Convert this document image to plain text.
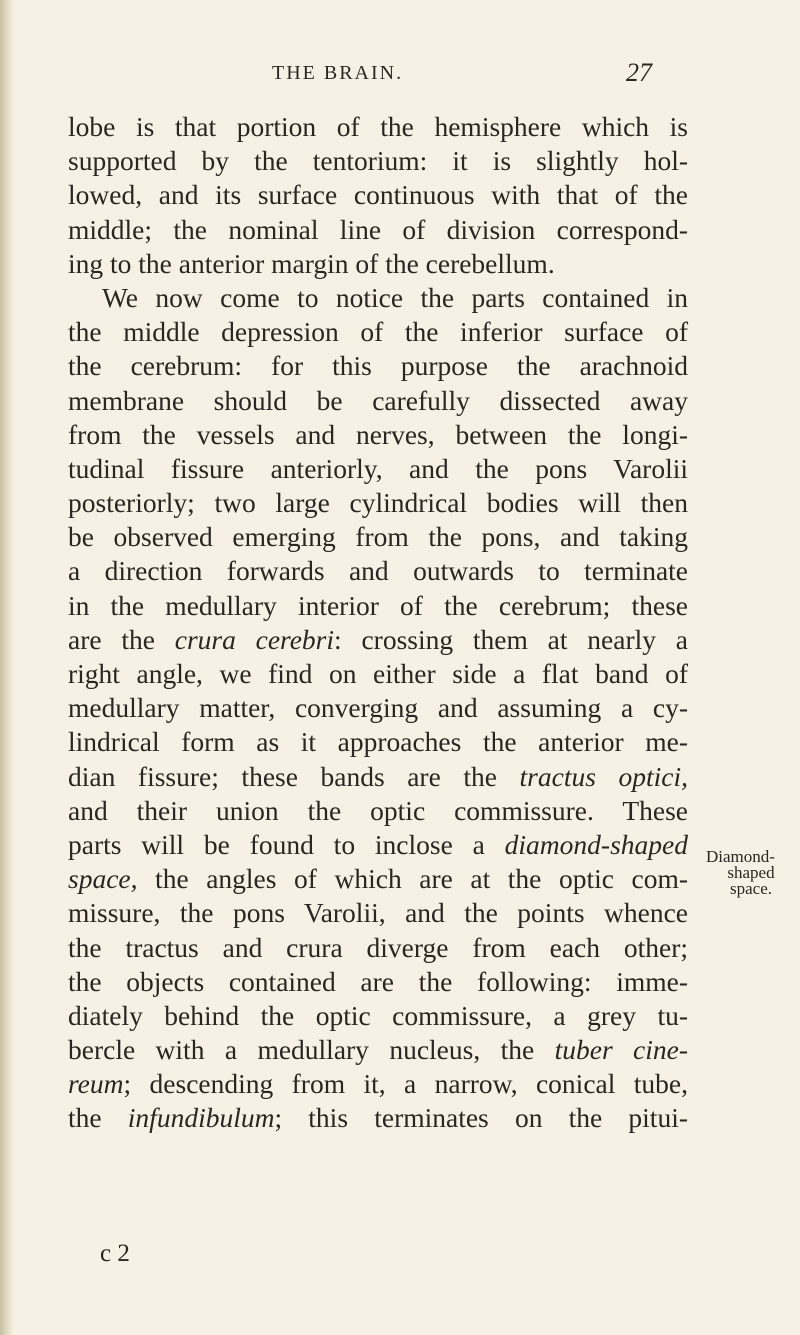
THE BRAIN.	27
lobe is that portion of the hemisphere which is
supported by the tentorium: it is slightly hol-
lowed, and its surface continuous with that of the
middle; the nominal line of division correspond-
ing to the anterior margin of the cerebellum.
We now come to notice the parts contained in
the middle depression of the inferior surface of
the cerebrum: for this purpose the arachnoid
membrane should be carefully dissected away
from the vessels and nerves, between the longi-
tudinal fissure anteriorly, and the pons Varolii
posteriorly; two large cylindrical bodies will then
be observed emerging from the pons, and taking
a direction forwards and outwards to terminate
in the medullary interior of the cerebrum; these
are the crura cerebri: crossing them at nearly a
right angle, we find on either side a flat band of
medullary matter, converging and assuming a cy-
lindrical form as it approaches the anterior me-
dian fissure; these bands are the tractus optici,
and their union the optic commissure. These
parts will be found to inclose a diamond-shaped
space, the angles of which are at the optic com-
missure, the pons Varolii, and the points whence
the tractus and crura diverge from each other;
the objects contained are the following: imme-
diately behind the optic commissure, a grey tu-
bercle with a medullary nucleus, the tuber cine-
reum; descending from it, a narrow, conical tube,
the infundibulum; this terminates on the pitui-
Diamond-
shaped
space.
c 2
